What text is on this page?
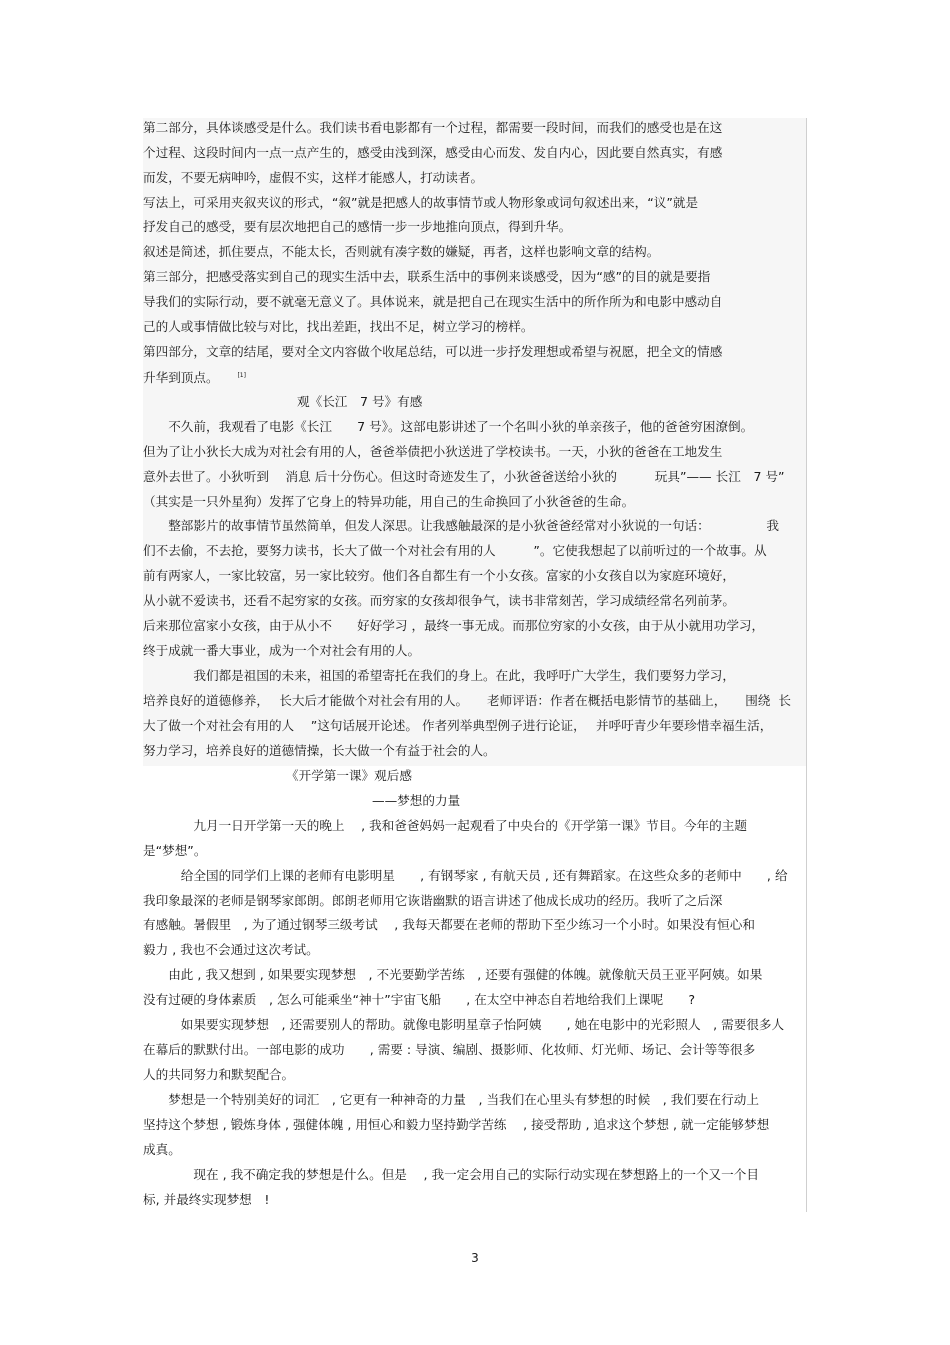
第二部分，具体谈感受是什么。我们读书看电影都有一个过程，都需要一段时间，而我们的感受也是在这
个过程、这段时间内一点一点产生的，感受由浅到深，感受由心而发、发自内心，因此要自然真实，有感
而发，不要无病呻吟，虚假不实，这样才能感人，打动读者。
写法上，可采用夹叙夹议的形式，“叙”就是把感人的故事情节或人物形象或词句叙述出来，“议”就是
抒发自己的感受，要有层次地把自己的感情一步一步地推向顶点，得到升华。
叙述是简述，抓住要点，不能太长，否则就有凑字数的嫌疑，再者，这样也影响文章的结构。
第三部分，把感受落实到自己的现实生活中去，联系生活中的事例来谈感受，因为“感”的目的就是要指
导我们的实际行动，要不就毫无意义了。具体说来，就是把自己在现实生活中的所作所为和电影中感动自
己的人或事情做比较与对比，找出差距，找出不足，树立学习的榜样。
第四部分，文章的结尾，要对全文内容做个收尾总结，可以进一步抒发理想或希望与祝愿，把全文的情感
升华到顶点。　　	[1]
观《长江　7 号》有感
　　不久前，我观看了电影《长江　　7 号》。这部电影讲述了一个名叫小狄的单亲孩子，他的爸爸穷困潦倒。
但为了让小狄长大成为对社会有用的人，爸爸举债把小狄送进了学校读书。一天，小狄的爸爸在工地发生
意外去世了。小狄听到　 消息 后十分伤心。但这时奇迹发生了，小狄爸爸送给小狄的　　　玩具”—— 长江　7 号”
（其实是一只外星狗）发挥了它身上的特异功能，用自己的生命换回了小狄爸爸的生命。
　　整部影片的故事情节虽然简单，但发人深思。让我感触最深的是小狄爸爸经常对小狄说的一句话：　　　　　我
们不去偷，不去抢，要努力读书，长大了做一个对社会有用的人　　　”。它使我想起了以前听过的一个故事。从
前有两家人，一家比较富，另一家比较穷。他们各自都生有一个小女孩。富家的小女孩自以为家庭环境好，
从小就不爱读书，还看不起穷家的女孩。而穷家的女孩却很争气，读书非常刻苦，学习成绩经常名列前茅。
后来那位富家小女孩，由于从小不　　好好学习 ，最终一事无成。而那位穷家的小女孩，由于从小就用功学习，
终于成就一番大事业，成为一个对社会有用的人。
　　　　我们都是祖国的未来，祖国的希望寄托在我们的身上。在此，我呼吁广大学生，我们要努力学习，
培养良好的道德修养，　 长大后才能做个对社会有用的人。　　老师评语：作者在概括电影情节的基础上，　　围绕  长
大了做一个对社会有用的人　 ”这句话展开论述。 作者列举典型例子进行论证，　 并呼吁青少年要珍惜幸福生活，
努力学习，培养良好的道德情操，长大做一个有益于社会的人。
《开学第一课》观后感
——梦想的力量
　　　　九月一日开学第一天的晚上　 , 我和爸爸妈妈一起观看了中央台的《开学第一课》节目。今年的主题
是“梦想”。
　　　给全国的同学们上课的老师有电影明星　　, 有钢琴家 , 有航天员 , 还有舞蹈家。在这些众多的老师中　　, 给
我印象最深的老师是钢琴家郎朗。郎朗老师用它诙谐幽默的语言讲述了他成长成功的经历。我听了之后深
有感触。暑假里　, 为了通过钢琴三级考试　 , 我每天都要在老师的帮助下至少练习一个小时。如果没有恒心和
毅力 , 我也不会通过这次考试。
　　由此 , 我又想到 , 如果要实现梦想　, 不光要勤学苦练　, 还要有强健的体魄。就像航天员王亚平阿姨。如果
没有过硬的身体素质　, 怎么可能乘坐“神十”宇宙飞船　　, 在太空中神态自若地给我们上课呢　　?
　　　如果要实现梦想　, 还需要别人的帮助。就像电影明星章子怡阿姨　　, 她在电影中的光彩照人　, 需要很多人
在幕后的默默付出。一部电影的成功　　, 需要 : 导演、编剧、摄影师、化妆师、灯光师、场记、会计等等很多
人的共同努力和默契配合。
　　梦想是一个特别美好的词汇　, 它更有一种神奇的力量　, 当我们在心里头有梦想的时候　, 我们要在行动上
坚持这个梦想 , 锻炼身体 , 强健体魄 , 用恒心和毅力坚持勤学苦练　 , 接受帮助 , 追求这个梦想 , 就一定能够梦想
成真。
　　　　现在 , 我不确定我的梦想是什么。但是　 , 我一定会用自己的实际行动实现在梦想路上的一个又一个目
标, 并最终实现梦想　!
3
